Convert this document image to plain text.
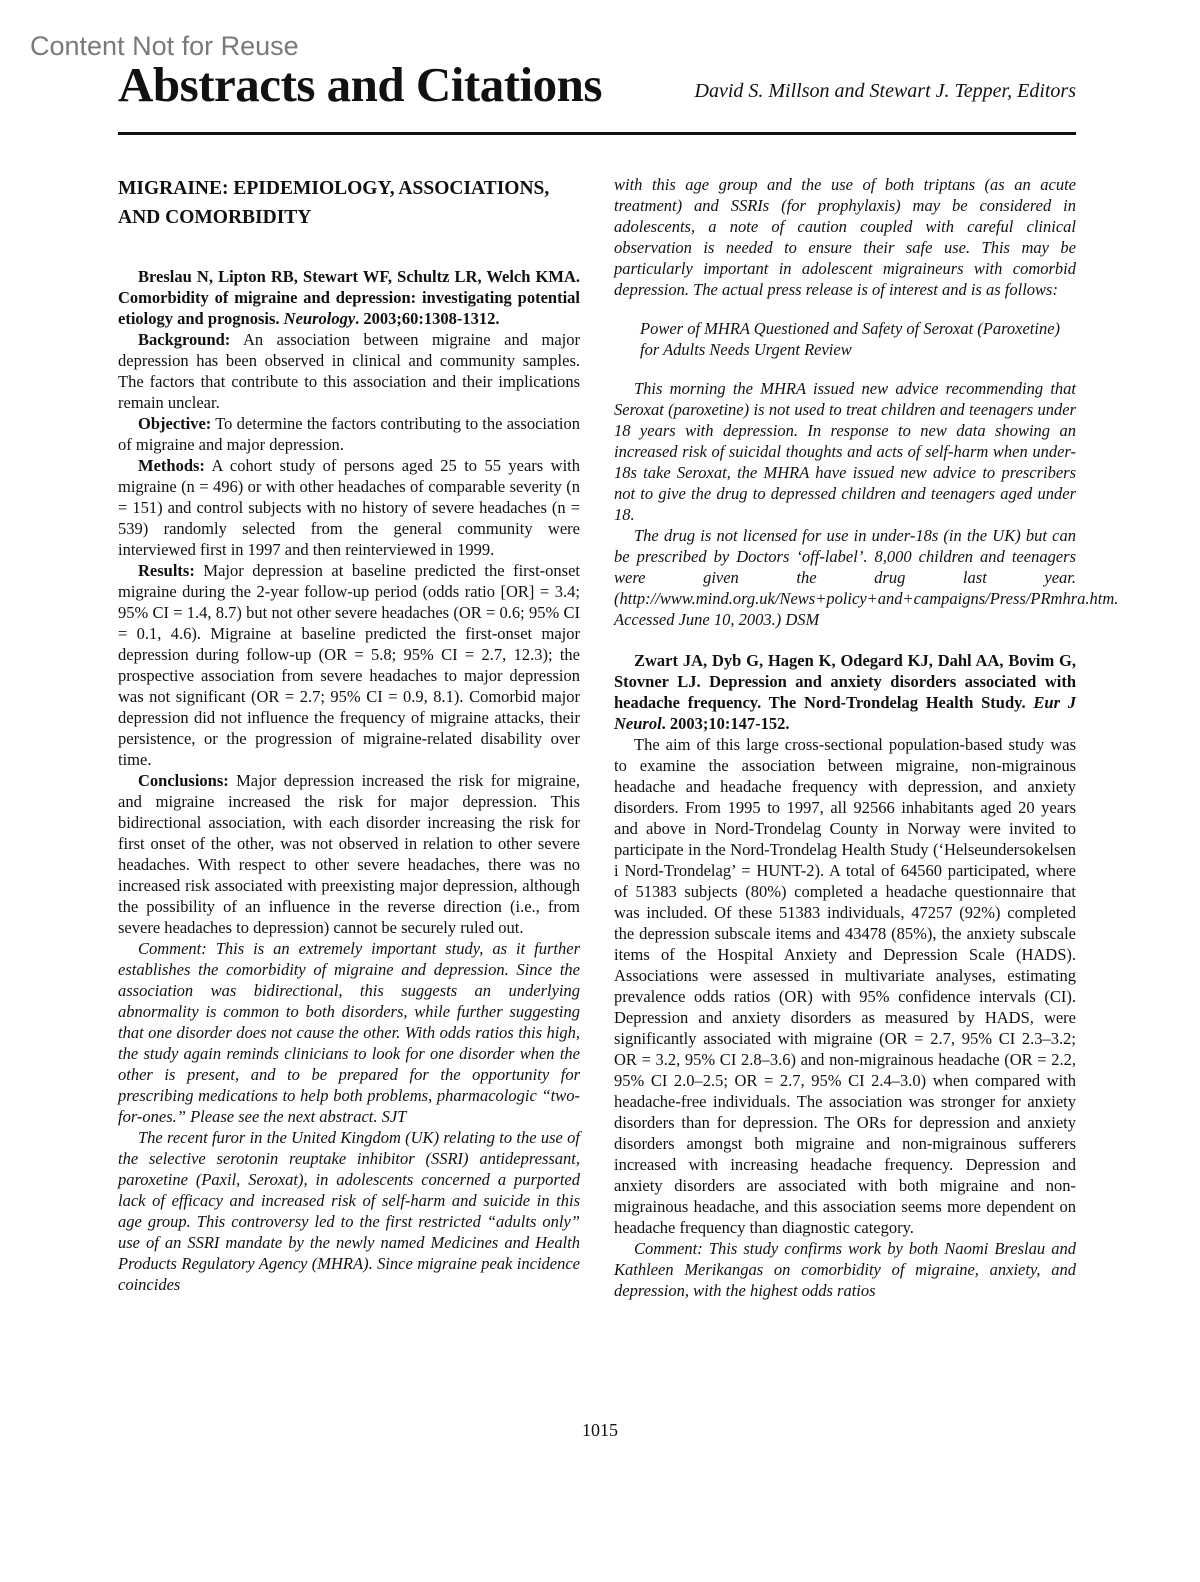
Content Not for Reuse
Abstracts and Citations	David S. Millson and Stewart J. Tepper, Editors

MIGRAINE: EPIDEMIOLOGY, ASSOCIATIONS, AND COMORBIDITY

Breslau N, Lipton RB, Stewart WF, Schultz LR, Welch KMA. Comorbidity of migraine and depression: investigating potential etiology and prognosis. Neurology. 2003;60:1308-1312.

Background: An association between migraine and major depression has been observed in clinical and community samples. The factors that contribute to this association and their implications remain unclear.

Objective: To determine the factors contributing to the association of migraine and major depression.

Methods: A cohort study of persons aged 25 to 55 years with migraine (n = 496) or with other headaches of comparable severity (n = 151) and control subjects with no history of severe headaches (n = 539) randomly selected from the general community were interviewed first in 1997 and then reinterviewed in 1999.

Results: Major depression at baseline predicted the first-onset migraine during the 2-year follow-up period (odds ratio [OR] = 3.4; 95% CI = 1.4, 8.7) but not other severe headaches (OR = 0.6; 95% CI = 0.1, 4.6). Migraine at baseline predicted the first-onset major depression during follow-up (OR = 5.8; 95% CI = 2.7, 12.3); the prospective association from severe headaches to major depression was not significant (OR = 2.7; 95% CI = 0.9, 8.1). Comorbid major depression did not influence the frequency of migraine attacks, their persistence, or the progression of migraine-related disability over time.

Conclusions: Major depression increased the risk for migraine, and migraine increased the risk for major depression. This bidirectional association, with each disorder increasing the risk for first onset of the other, was not observed in relation to other severe headaches. With respect to other severe headaches, there was no increased risk associated with preexisting major depression, although the possibility of an influence in the reverse direction (i.e., from severe headaches to depression) cannot be securely ruled out.

Comment: This is an extremely important study, as it further establishes the comorbidity of migraine and depression. Since the association was bidirectional, this suggests an underlying abnormality is common to both disorders, while further suggesting that one disorder does not cause the other. With odds ratios this high, the study again reminds clinicians to look for one disorder when the other is present, and to be prepared for the opportunity for prescribing medications to help both problems, pharmacologic “two-for-ones.” Please see the next abstract. SJT

The recent furor in the United Kingdom (UK) relating to the use of the selective serotonin reuptake inhibitor (SSRI) antidepressant, paroxetine (Paxil, Seroxat), in adolescents concerned a purported lack of efficacy and increased risk of self-harm and suicide in this age group. This controversy led to the first restricted “adults only” use of an SSRI mandate by the newly named Medicines and Health Products Regulatory Agency (MHRA). Since migraine peak incidence coincides

with this age group and the use of both triptans (as an acute treatment) and SSRIs (for prophylaxis) may be considered in adolescents, a note of caution coupled with careful clinical observation is needed to ensure their safe use. This may be particularly important in adolescent migraineurs with comorbid depression. The actual press release is of interest and is as follows:

Power of MHRA Questioned and Safety of Seroxat (Paroxetine) for Adults Needs Urgent Review

This morning the MHRA issued new advice recommending that Seroxat (paroxetine) is not used to treat children and teenagers under 18 years with depression. In response to new data showing an increased risk of suicidal thoughts and acts of self-harm when under-18s take Seroxat, the MHRA have issued new advice to prescribers not to give the drug to depressed children and teenagers aged under 18.

The drug is not licensed for use in under-18s (in the UK) but can be prescribed by Doctors ‘off-label’. 8,000 children and teenagers were given the drug last year. (http://www.mind.org.uk/News+policy+and+campaigns/Press/PRmhra.htm. Accessed June 10, 2003.) DSM

Zwart JA, Dyb G, Hagen K, Odegard KJ, Dahl AA, Bovim G, Stovner LJ. Depression and anxiety disorders associated with headache frequency. The Nord-Trondelag Health Study. Eur J Neurol. 2003;10:147-152.

The aim of this large cross-sectional population-based study was to examine the association between migraine, non-migrainous headache and headache frequency with depression, and anxiety disorders. From 1995 to 1997, all 92566 inhabitants aged 20 years and above in Nord-Trondelag County in Norway were invited to participate in the Nord-Trondelag Health Study (‘Helseundersokelsen i Nord-Trondelag’ = HUNT-2). A total of 64560 participated, where of 51383 subjects (80%) completed a headache questionnaire that was included. Of these 51383 individuals, 47257 (92%) completed the depression subscale items and 43478 (85%), the anxiety subscale items of the Hospital Anxiety and Depression Scale (HADS). Associations were assessed in multivariate analyses, estimating prevalence odds ratios (OR) with 95% confidence intervals (CI). Depression and anxiety disorders as measured by HADS, were significantly associated with migraine (OR = 2.7, 95% CI 2.3–3.2; OR = 3.2, 95% CI 2.8–3.6) and non-migrainous headache (OR = 2.2, 95% CI 2.0–2.5; OR = 2.7, 95% CI 2.4–3.0) when compared with headache-free individuals. The association was stronger for anxiety disorders than for depression. The ORs for depression and anxiety disorders amongst both migraine and non-migrainous sufferers increased with increasing headache frequency. Depression and anxiety disorders are associated with both migraine and non-migrainous headache, and this association seems more dependent on headache frequency than diagnostic category.

Comment: This study confirms work by both Naomi Breslau and Kathleen Merikangas on comorbidity of migraine, anxiety, and depression, with the highest odds ratios

1015
